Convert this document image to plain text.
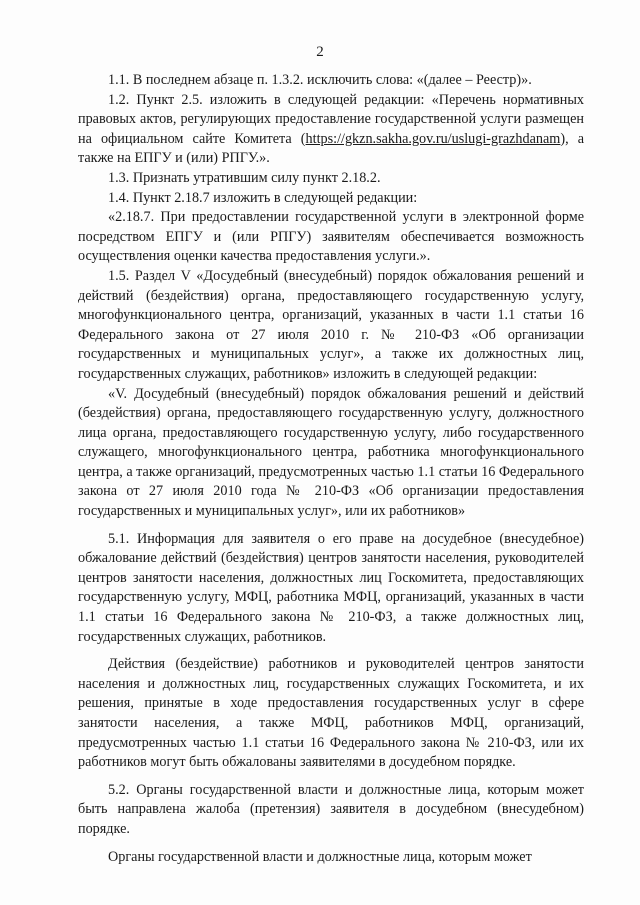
2

1.1. В последнем абзаце п. 1.3.2. исключить слова: «(далее – Реестр)».

1.2. Пункт 2.5. изложить в следующей редакции: «Перечень нормативных правовых актов, регулирующих предоставление государственной услуги размещен на официальном сайте Комитета (https://gkzn.sakha.gov.ru/uslugi-grazhdanam), а также на ЕПГУ и (или) РПГУ.».

1.3. Признать утратившим силу пункт 2.18.2.

1.4. Пункт 2.18.7 изложить в следующей редакции:

«2.18.7. При предоставлении государственной услуги в электронной форме посредством ЕПГУ и (или РПГУ) заявителям обеспечивается возможность осуществления оценки качества предоставления услуги.».

1.5. Раздел V «Досудебный (внесудебный) порядок обжалования решений и действий (бездействия) органа, предоставляющего государственную услугу, многофункционального центра, организаций, указанных в части 1.1 статьи 16 Федерального закона от 27 июля 2010 г. № 210-ФЗ «Об организации государственных и муниципальных услуг», а также их должностных лиц, государственных служащих, работников» изложить в следующей редакции:

«V. Досудебный (внесудебный) порядок обжалования решений и действий (бездействия) органа, предоставляющего государственную услугу, должностного лица органа, предоставляющего государственную услугу, либо государственного служащего, многофункционального центра, работника многофункционального центра, а также организаций, предусмотренных частью 1.1 статьи 16 Федерального закона от 27 июля 2010 года № 210-ФЗ «Об организации предоставления государственных и муниципальных услуг», или их работников»

5.1. Информация для заявителя о его праве на досудебное (внесудебное) обжалование действий (бездействия) центров занятости населения, руководителей центров занятости населения, должностных лиц Госкомитета, предоставляющих государственную услугу, МФЦ, работника МФЦ, организаций, указанных в части 1.1 статьи 16 Федерального закона № 210-ФЗ, а также должностных лиц, государственных служащих, работников.

Действия (бездействие) работников и руководителей центров занятости населения и должностных лиц, государственных служащих Госкомитета, и их решения, принятые в ходе предоставления государственных услуг в сфере занятости населения, а также МФЦ, работников МФЦ, организаций, предусмотренных частью 1.1 статьи 16 Федерального закона № 210-ФЗ, или их работников могут быть обжалованы заявителями в досудебном порядке.

5.2. Органы государственной власти и должностные лица, которым может быть направлена жалоба (претензия) заявителя в досудебном (внесудебном) порядке.

Органы государственной власти и должностные лица, которым может
